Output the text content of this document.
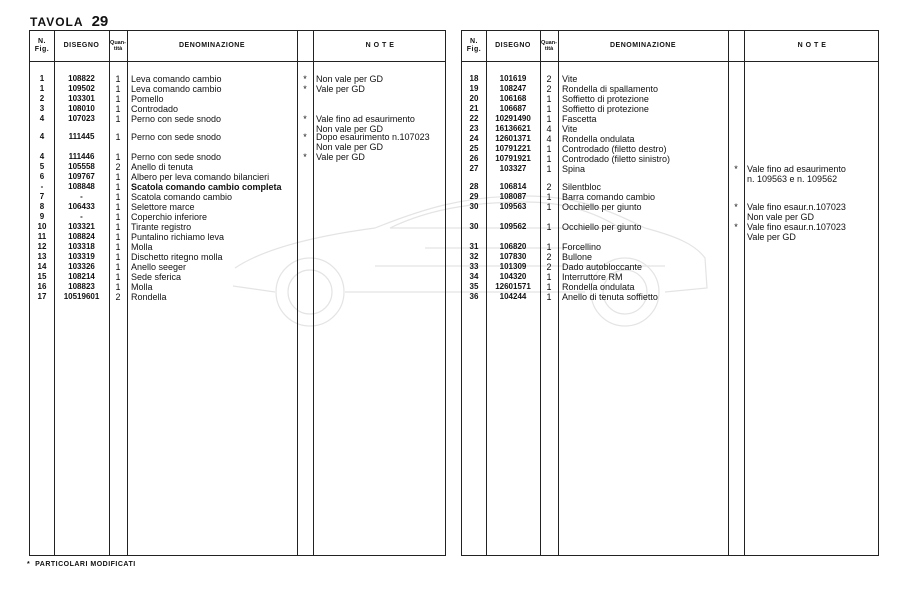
TAVOLA 29
N. Fig.
DISEGNO	Quan-tità	DENOMINAZIONE	N O T E
1	108822	1	Leva comando cambio	*	Non vale per GD
1	109502	1	Leva comando cambio	*	Vale per GD
2	103301	1	Pomello
3	108010	1	Controdado
4	107023	1	Perno con sede snodo	*	Vale fino ad esaurimento
Non vale per GD
4	111445	1	Perno con sede snodo	*	Dopo esaurimento n.107023
Non vale per GD
4	111446	1	Perno con sede snodo	*	Vale per GD
5	105558	2	Anello di tenuta
6	109767	1	Albero per leva comando bilancieri
-	108848	1	Scatola comando cambio completa
7	-	1	Scatola comando cambio
8	106433	1	Selettore marce
9	-	1	Coperchio inferiore
10	103321	1	Tirante registro
11	108824	1	Puntalino richiamo leva
12	103318	1	Molla
13	103319	1	Dischetto ritegno molla
14	103326	1	Anello seeger
15	108214	1	Sede sferica
16	108823	1	Molla
17	10519601	2	Rondella
N. Fig.
DISEGNO	Quan-tità	DENOMINAZIONE	N O T E
18	101619	2	Vite
19	108247	2	Rondella di spallamento
20	106168	1	Soffietto di protezione
21	106687	1	Soffietto di protezione
22	10291490	1	Fascetta
23	16136621	4	Vite
24	12601371	4	Rondella ondulata
25	10791221	1	Controdado (filetto destro)
26	10791921	1	Controdado (filetto sinistro)
27	103327	1	Spina	*	Vale fino ad esaurimento
n. 109563 e n. 109562
28	106814	2	Silentbloc
29	108087	1	Barra comando cambio
30	109563	1	Occhiello per giunto	*	Vale fino esaur.n.107023
Non vale per GD
30	109562	1	Occhiello per giunto	*	Vale fino esaur.n.107023
Vale per GD
31	106820	1	Forcellino
32	107830	2	Bullone
33	101309	2	Dado autobloccante
34	104320	1	Interruttore RM
35	12601571	1	Rondella ondulata
36	104244	1	Anello di tenuta soffietto
* PARTICOLARI MODIFICATI
